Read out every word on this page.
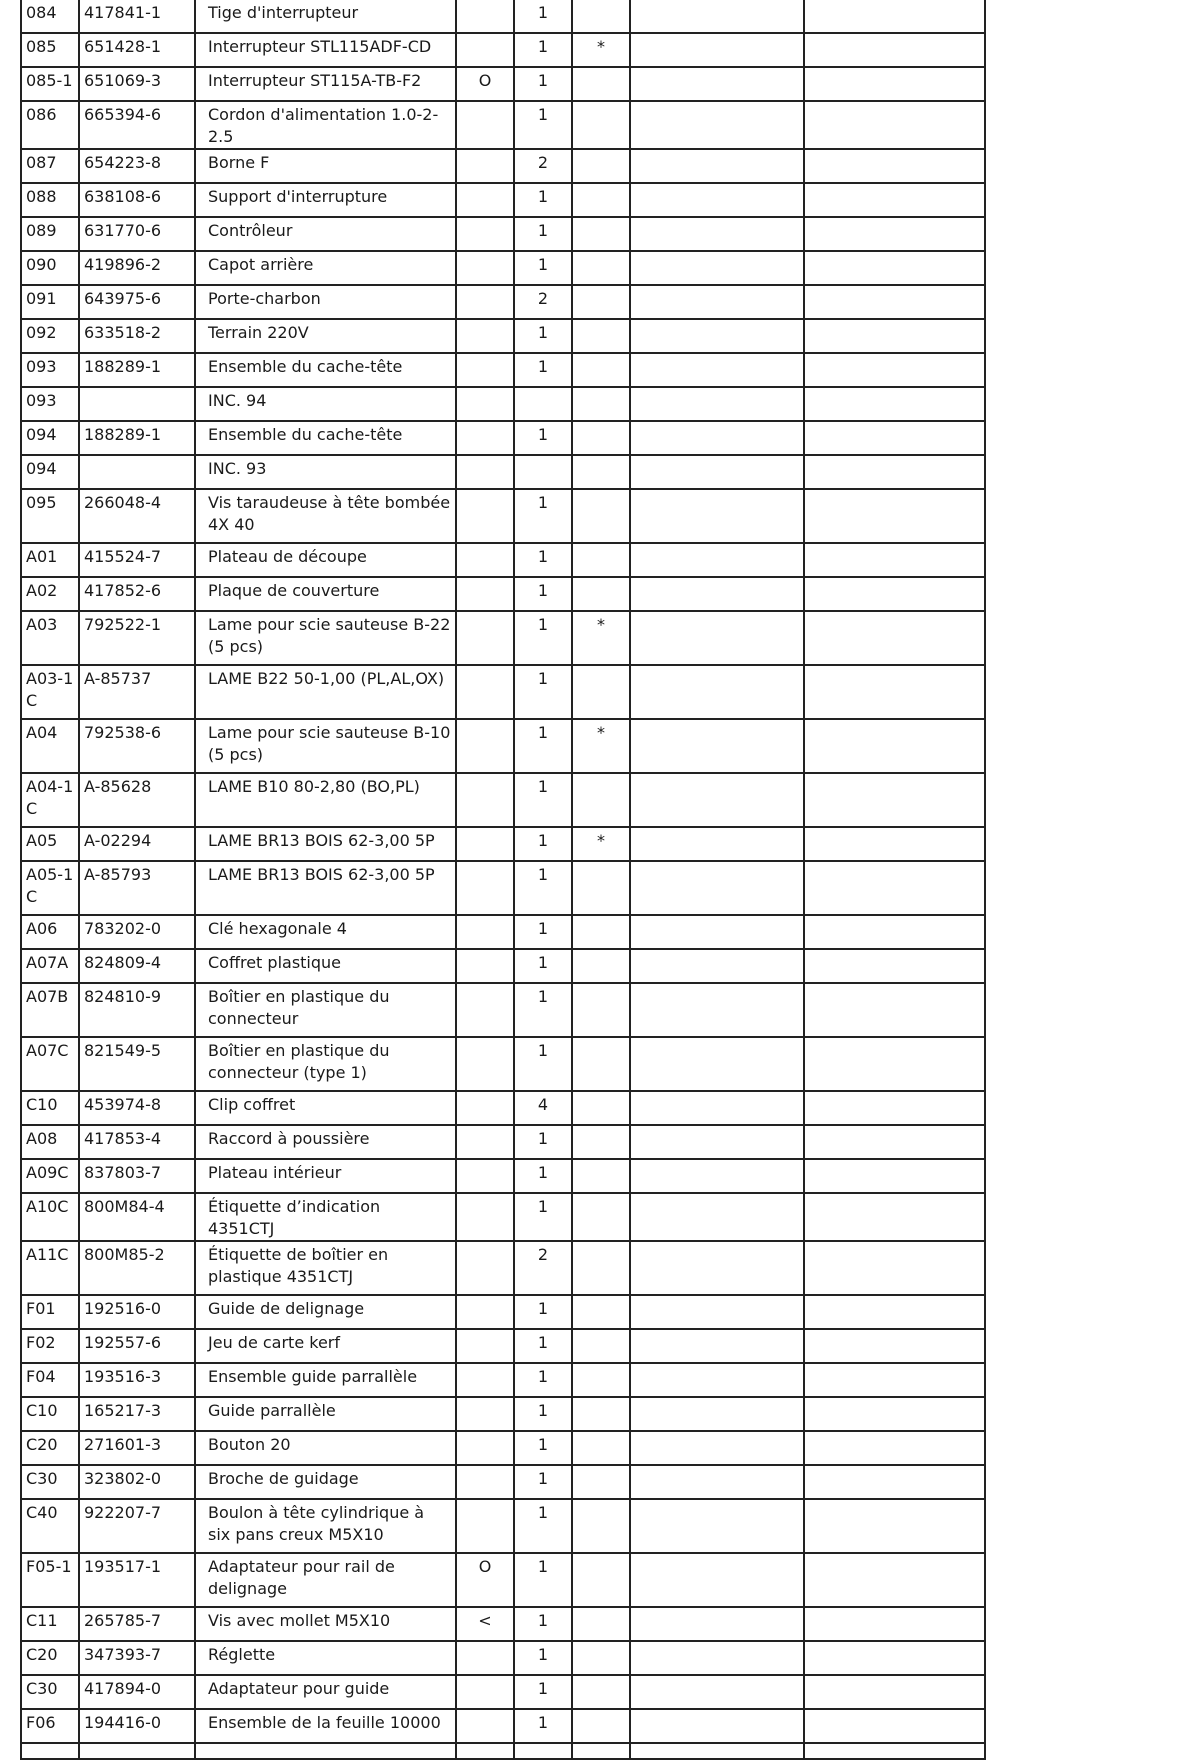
084	417841-1	Tige d'interrupteur		1			
085	651428-1	Interrupteur STL115ADF-CD		1	*		
085-1	651069-3	Interrupteur ST115A-TB-F2	O	1			
086	665394-6	Cordon d'alimentation 1.0-2-2.5		1			
087	654223-8	Borne F		2			
088	638108-6	Support d'interrupture		1			
089	631770-6	Contrôleur		1			
090	419896-2	Capot arrière		1			
091	643975-6	Porte-charbon		2			
092	633518-2	Terrain 220V		1			
093	188289-1	Ensemble du cache-tête		1			
093		INC. 94					
094	188289-1	Ensemble du cache-tête		1			
094		INC. 93					
095	266048-4	Vis taraudeuse à tête bombée 4X 40		1			
A01	415524-7	Plateau de découpe		1			
A02	417852-6	Plaque de couverture		1			
A03	792522-1	Lame pour scie sauteuse B-22 (5 pcs)		1	*		
A03-1C	A-85737	LAME B22 50-1,00 (PL,AL,OX)		1			
A04	792538-6	Lame pour scie sauteuse B-10 (5 pcs)		1	*		
A04-1C	A-85628	LAME B10 80-2,80 (BO,PL)		1			
A05	A-02294	LAME BR13 BOIS 62-3,00 5P		1	*		
A05-1C	A-85793	LAME BR13 BOIS 62-3,00 5P		1			
A06	783202-0	Clé hexagonale 4		1			
A07A	824809-4	Coffret plastique		1			
A07B	824810-9	Boîtier en plastique du connecteur		1			
A07C	821549-5	Boîtier en plastique du connecteur (type 1)		1			
C10	453974-8	Clip coffret		4			
A08	417853-4	Raccord à poussière		1			
A09C	837803-7	Plateau intérieur		1			
A10C	800M84-4	Étiquette d’indication 4351CTJ		1			
A11C	800M85-2	Étiquette de boîtier en plastique 4351CTJ		2			
F01	192516-0	Guide de delignage		1			
F02	192557-6	Jeu de carte kerf		1			
F04	193516-3	Ensemble guide parrallèle		1			
C10	165217-3	Guide parrallèle		1			
C20	271601-3	Bouton 20		1			
C30	323802-0	Broche de guidage		1			
C40	922207-7	Boulon à tête cylindrique à six pans creux M5X10		1			
F05-1	193517-1	Adaptateur pour rail de delignage	O	1			
C11	265785-7	Vis avec mollet M5X10	<	1			
C20	347393-7	Réglette		1			
C30	417894-0	Adaptateur pour guide		1			
F06	194416-0	Ensemble de la feuille 10000		1			
